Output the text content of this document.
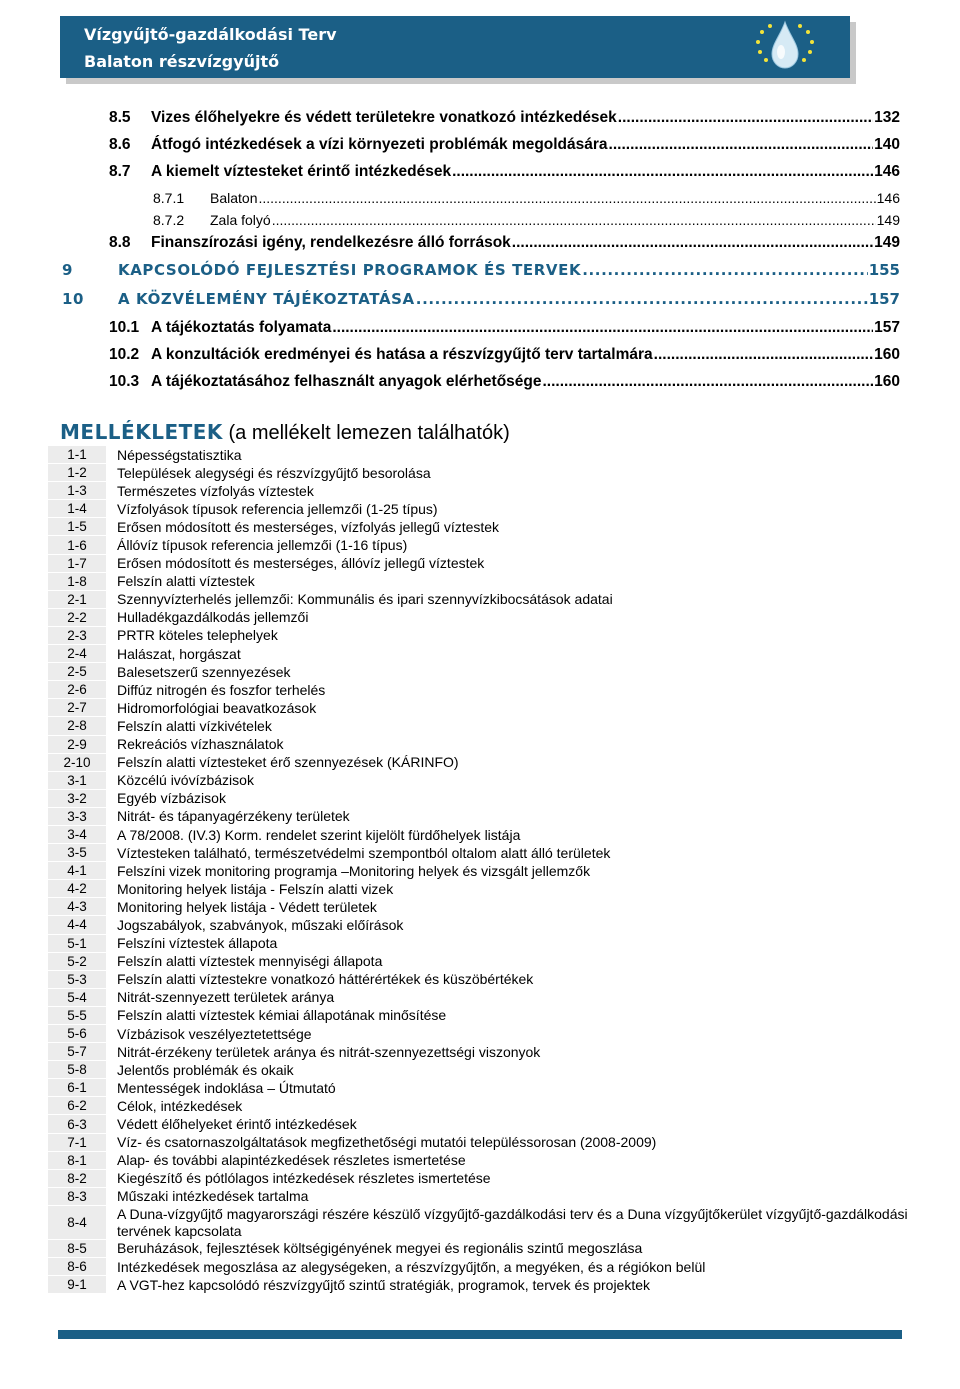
Vízgyűjtő-gazdálkodási Terv
Balaton részvízgyűjtő
8.5	Vizes élőhelyekre és védett területekre vonatkozó intézkedések .....	132
8.6	Átfogó intézkedések a vízi környezeti problémák megoldására .....	140
8.7	A kiemelt víztesteket érintő intézkedések .....	146
8.7.1	Balaton .....	146
8.7.2	Zala folyó .....	149
8.8	Finanszírozási igény, rendelkezésre álló források .....	149
9	KAPCSOLÓDÓ FEJLESZTÉSI PROGRAMOK ÉS TERVEK .....	155
10	A KÖZVÉLEMÉNY TÁJÉKOZTATÁSA .....	157
10.1 A tájékoztatás folyamata .....	157
10.2 A konzultációk eredményei és hatása a részvízgyűjtő terv tartalmára .....	160
10.3 A tájékoztatásához felhasznált anyagok elérhetősége .....	160
MELLÉKLETEK (a mellékelt lemezen találhatók)
1-1	Népességstatisztika
1-2	Települések alegységi és részvízgyűjtő besorolása
1-3	Természetes vízfolyás víztestek
1-4	Vízfolyások típusok referencia jellemzői (1-25 típus)
1-5	Erősen módosított és mesterséges, vízfolyás jellegű víztestek
1-6	Állóvíz típusok referencia jellemzői (1-16 típus)
1-7	Erősen módosított és mesterséges, állóvíz jellegű víztestek
1-8	Felszín alatti víztestek
2-1	Szennyvízterhelés jellemzői: Kommunális és ipari szennyvízkibocsátások adatai
2-2	Hulladékgazdálkodás jellemzői
2-3	PRTR köteles telephelyek
2-4	Halászat, horgászat
2-5	Balesetszerű szennyezések
2-6	Diffúz nitrogén és foszfor terhelés
2-7	Hidromorfológiai beavatkozások
2-8	Felszín alatti vízkivételek
2-9	Rekreációs vízhasználatok
2-10	Felszín alatti víztesteket érő szennyezések (KÁRINFO)
3-1	Közcélú ivóvízbázisok
3-2	Egyéb vízbázisok
3-3	Nitrát- és tápanyagérzékeny területek
3-4	A 78/2008. (IV.3) Korm. rendelet szerint kijelölt fürdőhelyek listája
3-5	Víztesteken található, természetvédelmi szempontból oltalom alatt álló területek
4-1	Felszíni vizek monitoring programja –Monitoring helyek és vizsgált jellemzők
4-2	Monitoring helyek listája - Felszín alatti vizek
4-3	Monitoring helyek listája - Védett területek
4-4	Jogszabályok, szabványok, műszaki előírások
5-1	Felszíni víztestek állapota
5-2	Felszín alatti víztestek mennyiségi állapota
5-3	Felszín alatti víztestekre vonatkozó háttérértékek és küszöbértékek
5-4	Nitrát-szennyezett területek aránya
5-5	Felszín alatti víztestek kémiai állapotának minősítése
5-6	Vízbázisok veszélyeztetettsége
5-7	Nitrát-érzékeny területek aránya és nitrát-szennyezettségi viszonyok
5-8	Jelentős problémák és okaik
6-1	Mentességek indoklása – Útmutató
6-2	Célok, intézkedések
6-3	Védett élőhelyeket érintő intézkedések
7-1	Víz- és csatornaszolgáltatások megfizethetőségi mutatói településsorosan (2008-2009)
8-1	Alap- és további alapintézkedések részletes ismertetése
8-2	Kiegészítő és pótlólagos intézkedések részletes ismertetése
8-3	Műszaki intézkedések tartalma
8-4
A Duna-vízgyűjtő magyarországi részére készülő vízgyűjtő-gazdálkodási terv és a Duna vízgyűjtőkerület vízgyűjtő-gazdálkodási tervének kapcsolata
8-5	Beruházások, fejlesztések költségigényének megyei és regionális szintű megoszlása
8-6	Intézkedések megoszlása az alegységeken, a részvízgyűjtőn, a megyéken, és a régiókon belül
9-1	A VGT-hez kapcsolódó részvízgyűjtő szintű stratégiák, programok, tervek és projektek
